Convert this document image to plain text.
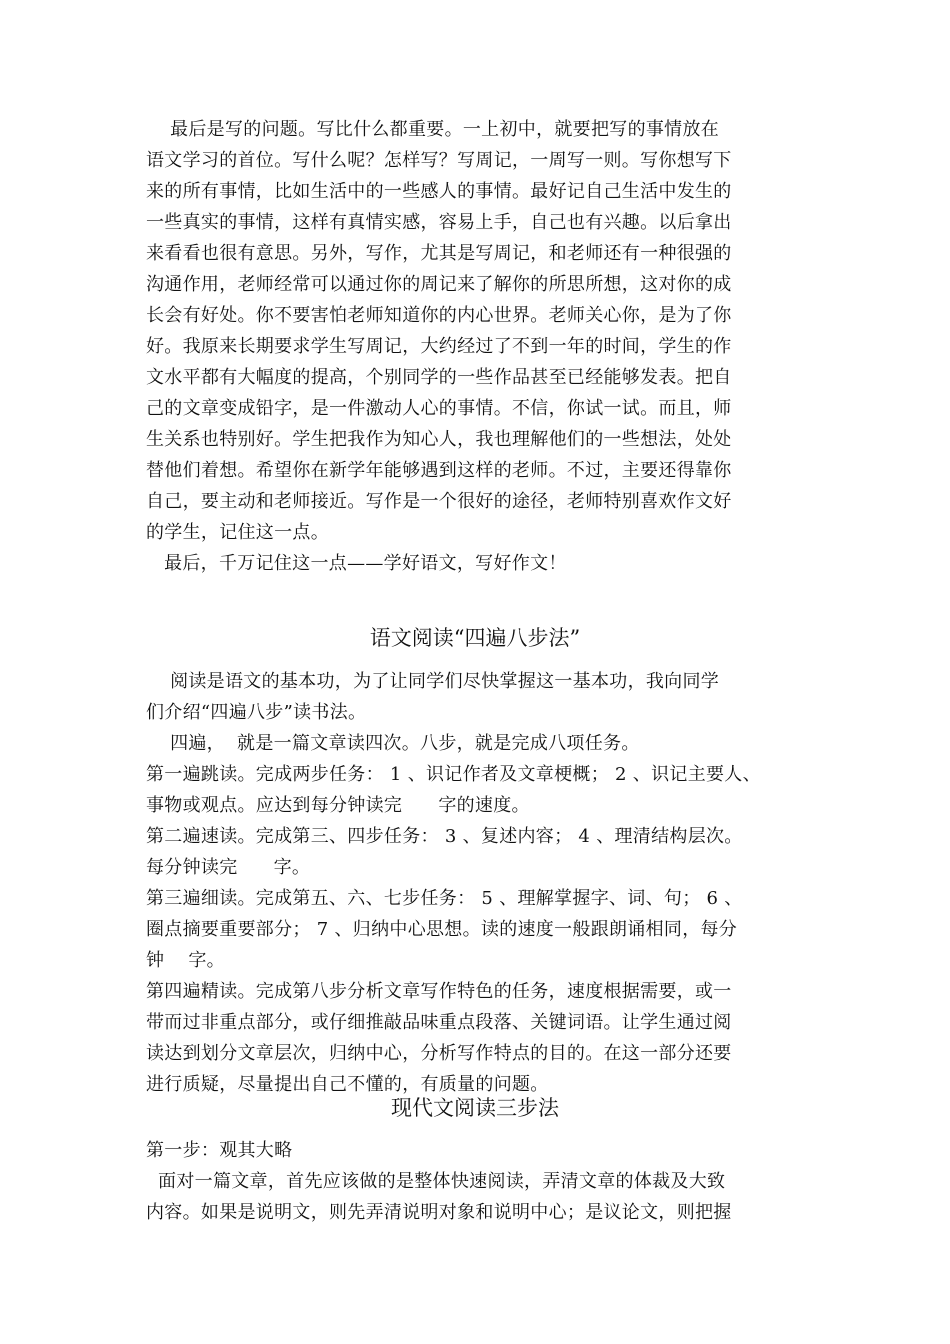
最后是写的问题。写比什么都重要。一上初中，就要把写的事情放在
语文学习的首位。写什么呢？怎样写？写周记，一周写一则。写你想写下
来的所有事情，比如生活中的一些感人的事情。最好记自己生活中发生的
一些真实的事情，这样有真情实感，容易上手，自己也有兴趣。以后拿出
来看看也很有意思。另外，写作，尤其是写周记，和老师还有一种很强的
沟通作用，老师经常可以通过你的周记来了解你的所思所想，这对你的成
长会有好处。你不要害怕老师知道你的内心世界。老师关心你，是为了你
好。我原来长期要求学生写周记，大约经过了不到一年的时间，学生的作
文水平都有大幅度的提高，个别同学的一些作品甚至已经能够发表。把自
己的文章变成铅字，是一件激动人心的事情。不信，你试一试。而且，师
生关系也特别好。学生把我作为知心人，我也理解他们的一些想法，处处
替他们着想。希望你在新学年能够遇到这样的老师。不过，主要还得靠你
自己，要主动和老师接近。写作是一个很好的途径，老师特别喜欢作文好
的学生，记住这一点。
最后，千万记住这一点——学好语文，写好作文！
语文阅读“四遍八步法”
阅读是语文的基本功，为了让同学们尽快掌握这一基本功，我向同学
们介绍“四遍八步”读书法。
四遍，  就是一篇文章读四次。八步，就是完成八项任务。
第一遍跳读。完成两步任务： 1 、识记作者及文章梗概； 2 、识记主要人、
事物或观点。应达到每分钟读完      字的速度。
第二遍速读。完成第三、四步任务： 3 、复述内容； 4 、理清结构层次。
每分钟读完      字。
第三遍细读。完成第五、六、七步任务： 5 、理解掌握字、词、句； 6 、
圈点摘要重要部分； 7 、归纳中心思想。读的速度一般跟朗诵相同，每分
钟    字。
第四遍精读。完成第八步分析文章写作特色的任务，速度根据需要，或一
带而过非重点部分，或仔细推敲品味重点段落、关键词语。让学生通过阅
读达到划分文章层次，归纳中心，分析写作特点的目的。在这一部分还要
进行质疑，尽量提出自己不懂的，有质量的问题。
现代文阅读三步法
第一步：观其大略
面对一篇文章，首先应该做的是整体快速阅读，弄清文章的体裁及大致
内容。如果是说明文，则先弄清说明对象和说明中心；是议论文，则把握
